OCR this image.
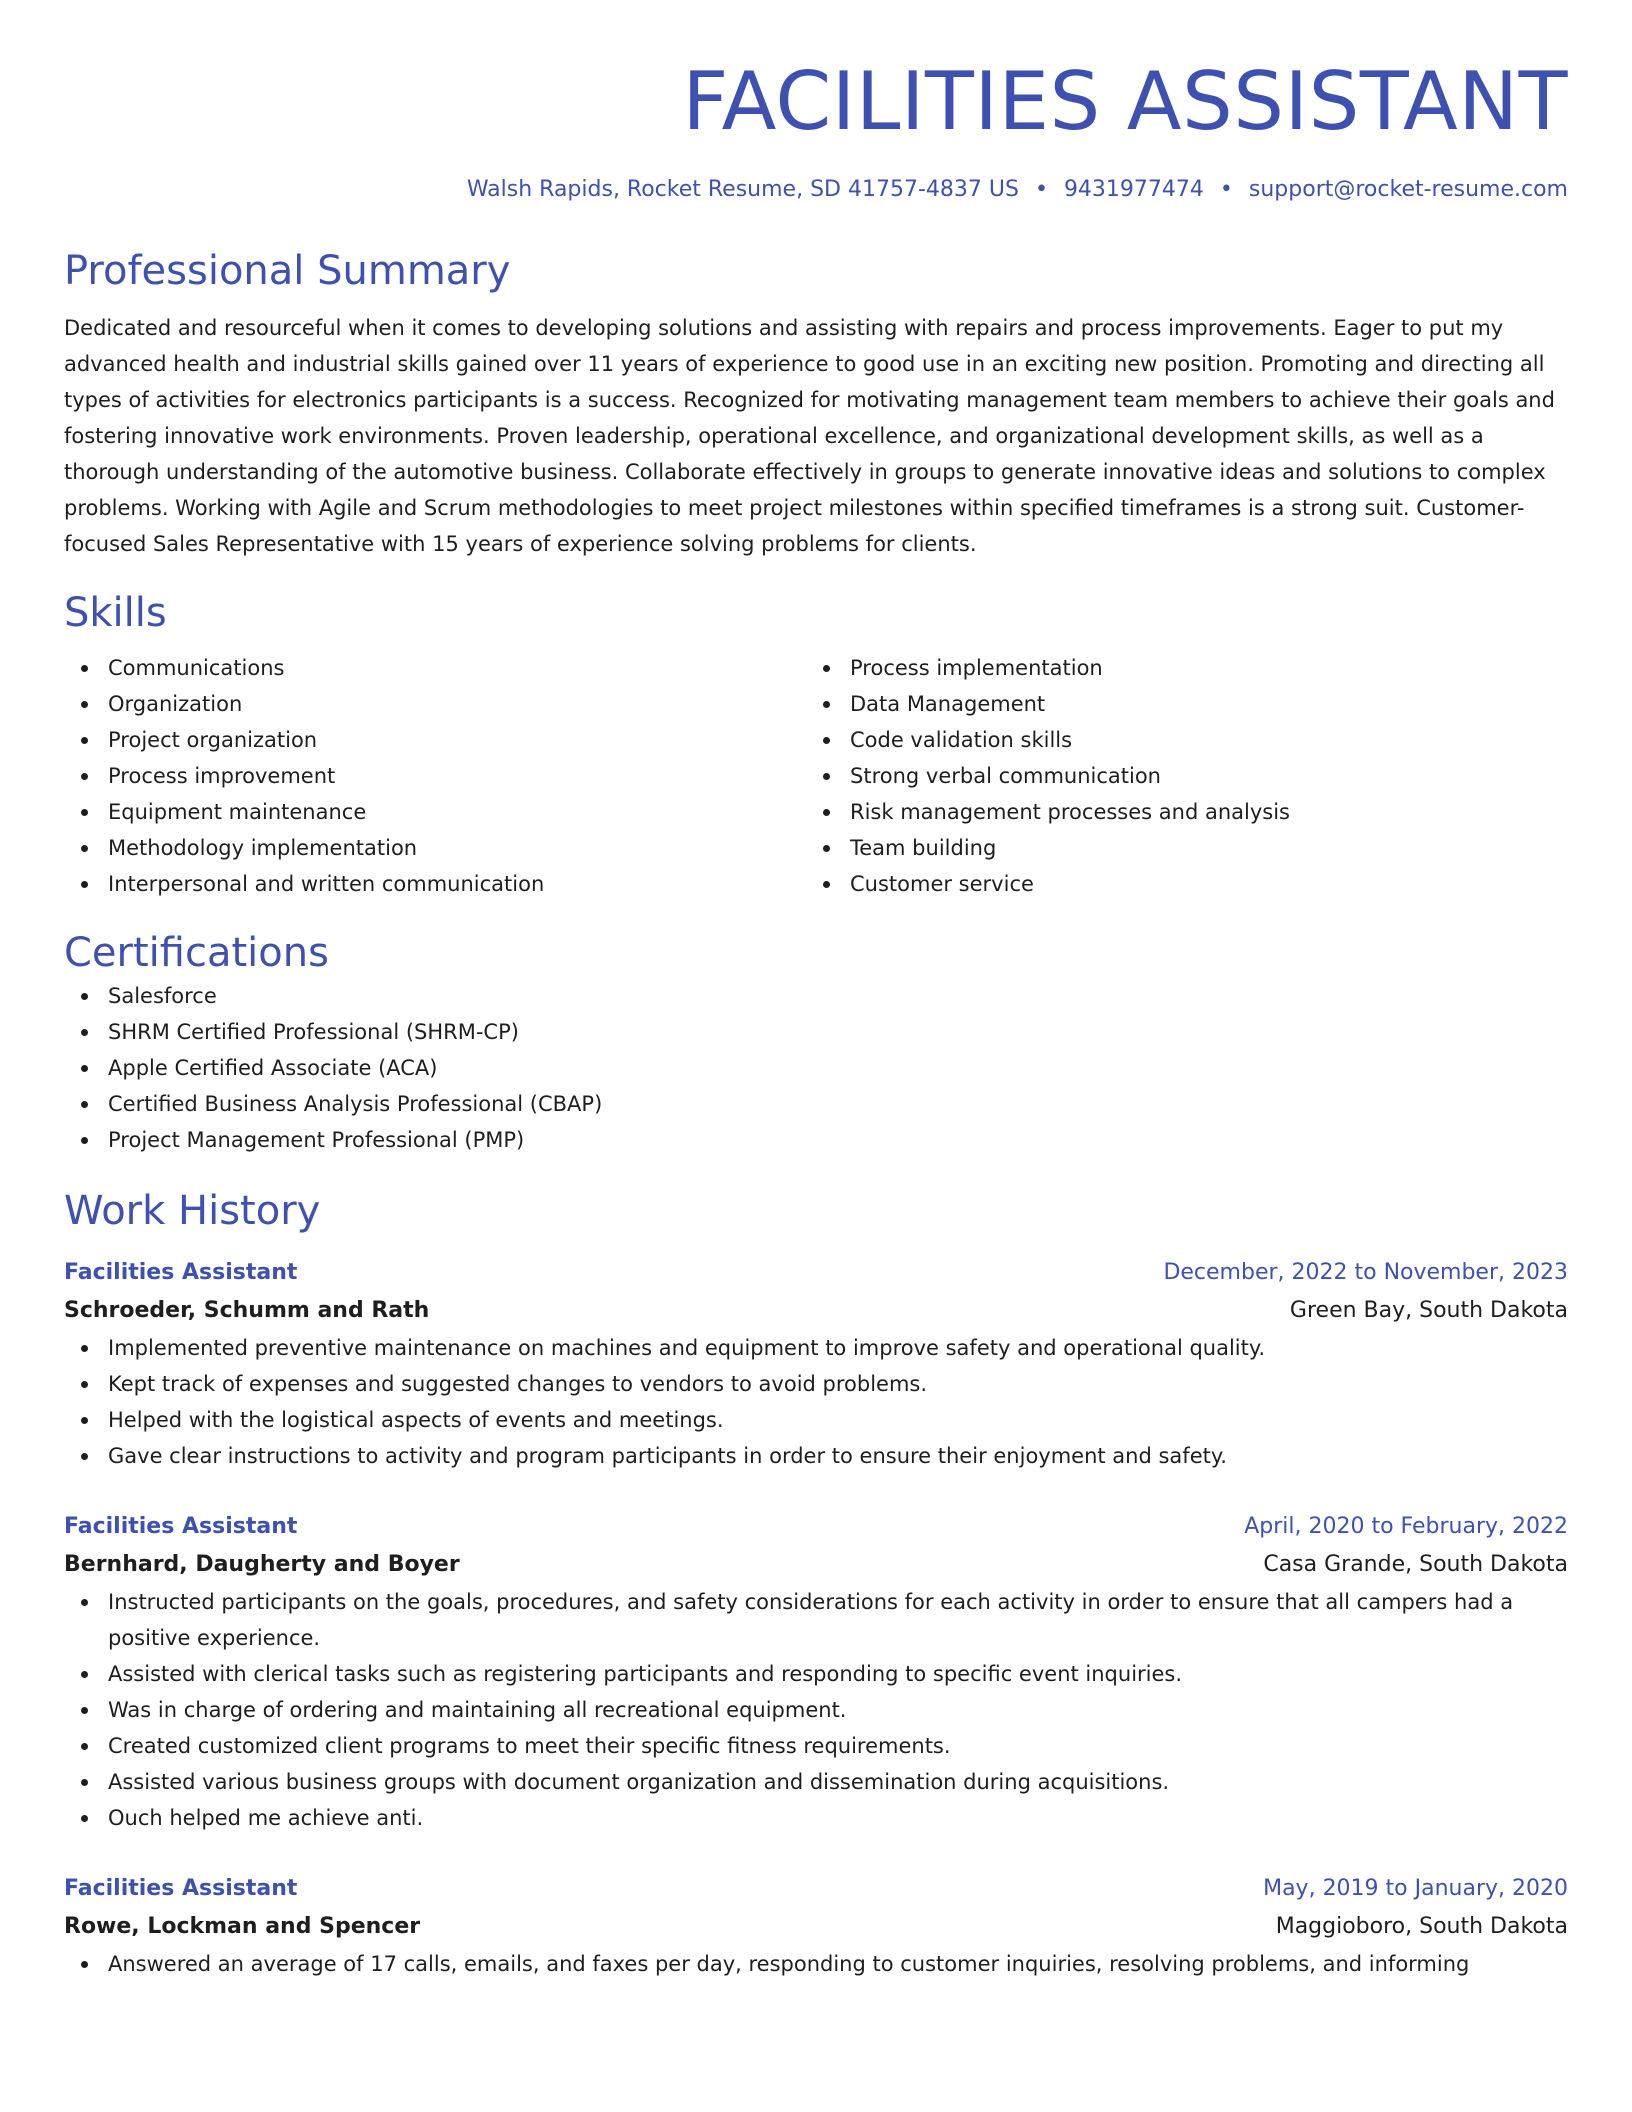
FACILITIES ASSISTANT
Walsh Rapids, Rocket Resume, SD 41757-4837 US • 9431977474 • support@rocket-resume.com
Professional Summary
Dedicated and resourceful when it comes to developing solutions and assisting with repairs and process improvements. Eager to put my advanced health and industrial skills gained over 11 years of experience to good use in an exciting new position. Promoting and directing all types of activities for electronics participants is a success. Recognized for motivating management team members to achieve their goals and fostering innovative work environments. Proven leadership, operational excellence, and organizational development skills, as well as a thorough understanding of the automotive business. Collaborate effectively in groups to generate innovative ideas and solutions to complex problems. Working with Agile and Scrum methodologies to meet project milestones within specified timeframes is a strong suit. Customer-focused Sales Representative with 15 years of experience solving problems for clients.
Skills
Communications
Organization
Project organization
Process improvement
Equipment maintenance
Methodology implementation
Interpersonal and written communication
Process implementation
Data Management
Code validation skills
Strong verbal communication
Risk management processes and analysis
Team building
Customer service
Certifications
Salesforce
SHRM Certified Professional (SHRM-CP)
Apple Certified Associate (ACA)
Certified Business Analysis Professional (CBAP)
Project Management Professional (PMP)
Work History
Facilities Assistant	December, 2022 to November, 2023
Schroeder, Schumm and Rath	Green Bay, South Dakota
Implemented preventive maintenance on machines and equipment to improve safety and operational quality.
Kept track of expenses and suggested changes to vendors to avoid problems.
Helped with the logistical aspects of events and meetings.
Gave clear instructions to activity and program participants in order to ensure their enjoyment and safety.
Facilities Assistant	April, 2020 to February, 2022
Bernhard, Daugherty and Boyer	Casa Grande, South Dakota
Instructed participants on the goals, procedures, and safety considerations for each activity in order to ensure that all campers had a positive experience.
Assisted with clerical tasks such as registering participants and responding to specific event inquiries.
Was in charge of ordering and maintaining all recreational equipment.
Created customized client programs to meet their specific fitness requirements.
Assisted various business groups with document organization and dissemination during acquisitions.
Ouch helped me achieve anti.
Facilities Assistant	May, 2019 to January, 2020
Rowe, Lockman and Spencer	Maggioboro, South Dakota
Answered an average of 17 calls, emails, and faxes per day, responding to customer inquiries, resolving problems, and informing
